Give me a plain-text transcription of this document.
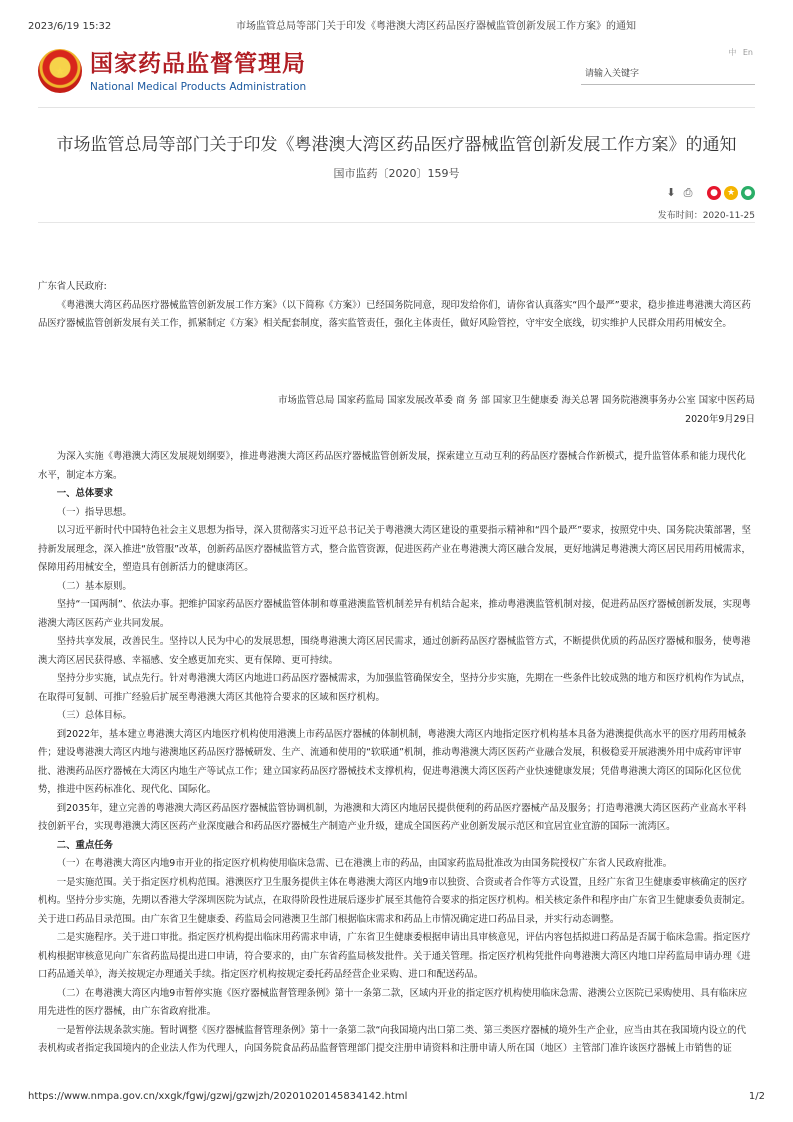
2023/6/19 15:32	市场监管总局等部门关于印发《粤港澳大湾区药品医疗器械监管创新发展工作方案》的通知
★ 国家药品监督管理局
National Medical Products Administration
中 En
请输入关键字
市场监管总局等部门关于印发《粤港澳大湾区药品医疗器械监管创新发展工作方案》的通知
国市监药〔2020〕159号
⬇ ⎙	●	★	●
发布时间：2020-11-25

广东省人民政府:

《粤港澳大湾区药品医疗器械监管创新发展工作方案》（以下简称《方案》）已经国务院同意，现印发给你们，请你省认真落实“四个最严”要求，稳步推进粤港澳大湾区药品医疗器械监管创新发展有关工作，抓紧制定《方案》相关配套制度，落实监管责任，强化主体责任，做好风险管控，守牢安全底线，切实维护人民群众用药用械安全。

市场监管总局 国家药监局 国家发展改革委 商 务 部 国家卫生健康委 海关总署 国务院港澳事务办公室 国家中医药局

2020年9月29日

为深入实施《粤港澳大湾区发展规划纲要》，推进粤港澳大湾区药品医疗器械监管创新发展，探索建立互动互利的药品医疗器械合作新模式，提升监管体系和能力现代化水平，制定本方案。

一、总体要求

（一）指导思想。

以习近平新时代中国特色社会主义思想为指导，深入贯彻落实习近平总书记关于粤港澳大湾区建设的重要指示精神和“四个最严”要求，按照党中央、国务院决策部署，坚持新发展理念，深入推进“放管服”改革，创新药品医疗器械监管方式，整合监管资源，促进医药产业在粤港澳大湾区融合发展，更好地满足粤港澳大湾区居民用药用械需求，保障用药用械安全，塑造具有创新活力的健康湾区。

（二）基本原则。

坚持“一国两制”、依法办事。把维护国家药品医疗器械监管体制和尊重港澳监管机制差异有机结合起来，推动粤港澳监管机制对接，促进药品医疗器械创新发展，实现粤港澳大湾区医药产业共同发展。

坚持共享发展，改善民生。坚持以人民为中心的发展思想，围绕粤港澳大湾区居民需求，通过创新药品医疗器械监管方式，不断提供优质的药品医疗器械和服务，使粤港澳大湾区居民获得感、幸福感、安全感更加充实、更有保障、更可持续。

坚持分步实施，试点先行。针对粤港澳大湾区内地进口药品医疗器械需求，为加强监管确保安全，坚持分步实施，先期在一些条件比较成熟的地方和医疗机构作为试点，在取得可复制、可推广经验后扩展至粤港澳大湾区其他符合要求的区域和医疗机构。

（三）总体目标。

到2022年，基本建立粤港澳大湾区内地医疗机构使用港澳上市药品医疗器械的体制机制，粤港澳大湾区内地指定医疗机构基本具备为港澳提供高水平的医疗用药用械条件；建设粤港澳大湾区内地与港澳地区药品医疗器械研发、生产、流通和使用的“软联通”机制，推动粤港澳大湾区医药产业融合发展，积极稳妥开展港澳外用中成药审评审批、港澳药品医疗器械在大湾区内地生产等试点工作；建立国家药品医疗器械技术支撑机构，促进粤港澳大湾区医药产业快速健康发展；凭借粤港澳大湾区的国际化区位优势，推进中医药标准化、现代化、国际化。

到2035年，建立完善的粤港澳大湾区药品医疗器械监管协调机制，为港澳和大湾区内地居民提供便利的药品医疗器械产品及服务；打造粤港澳大湾区医药产业高水平科技创新平台，实现粤港澳大湾区医药产业深度融合和药品医疗器械生产制造产业升级，建成全国医药产业创新发展示范区和宜居宜业宜游的国际一流湾区。

二、重点任务

（一）在粤港澳大湾区内地9市开业的指定医疗机构使用临床急需、已在港澳上市的药品，由国家药监局批准改为由国务院授权广东省人民政府批准。

一是实施范围。关于指定医疗机构范围。港澳医疗卫生服务提供主体在粤港澳大湾区内地9市以独资、合资或者合作等方式设置，且经广东省卫生健康委审核确定的医疗机构。坚持分步实施，先期以香港大学深圳医院为试点，在取得阶段性进展后逐步扩展至其他符合要求的指定医疗机构。相关核定条件和程序由广东省卫生健康委负责制定。关于进口药品目录范围。由广东省卫生健康委、药监局会同港澳卫生部门根据临床需求和药品上市情况确定进口药品目录，并实行动态调整。

二是实施程序。关于进口审批。指定医疗机构提出临床用药需求申请，广东省卫生健康委根据申请出具审核意见，评估内容包括拟进口药品是否属于临床急需。指定医疗机构根据审核意见向广东省药监局提出进口申请，符合要求的，由广东省药监局核发批件。关于通关管理。指定医疗机构凭批件向粤港澳大湾区内地口岸药监局申请办理《进口药品通关单》，海关按规定办理通关手续。指定医疗机构按规定委托药品经营企业采购、进口和配送药品。

（二）在粤港澳大湾区内地9市暂停实施《医疗器械监督管理条例》第十一条第二款，区域内开业的指定医疗机构使用临床急需、港澳公立医院已采购使用、具有临床应用先进性的医疗器械，由广东省政府批准。

一是暂停法规条款实施。暂时调整《医疗器械监督管理条例》第十一条第二款“向我国境内出口第二类、第三类医疗器械的境外生产企业，应当由其在我国境内设立的代表机构或者指定我国境内的企业法人作为代理人，向国务院食品药品监督管理部门提交注册申请资料和注册申请人所在国（地区）主管部门准许该医疗器械上市销售的证

https://www.nmpa.gov.cn/xxgk/fgwj/gzwj/gzwjzh/20201020145834142.html	1/2
